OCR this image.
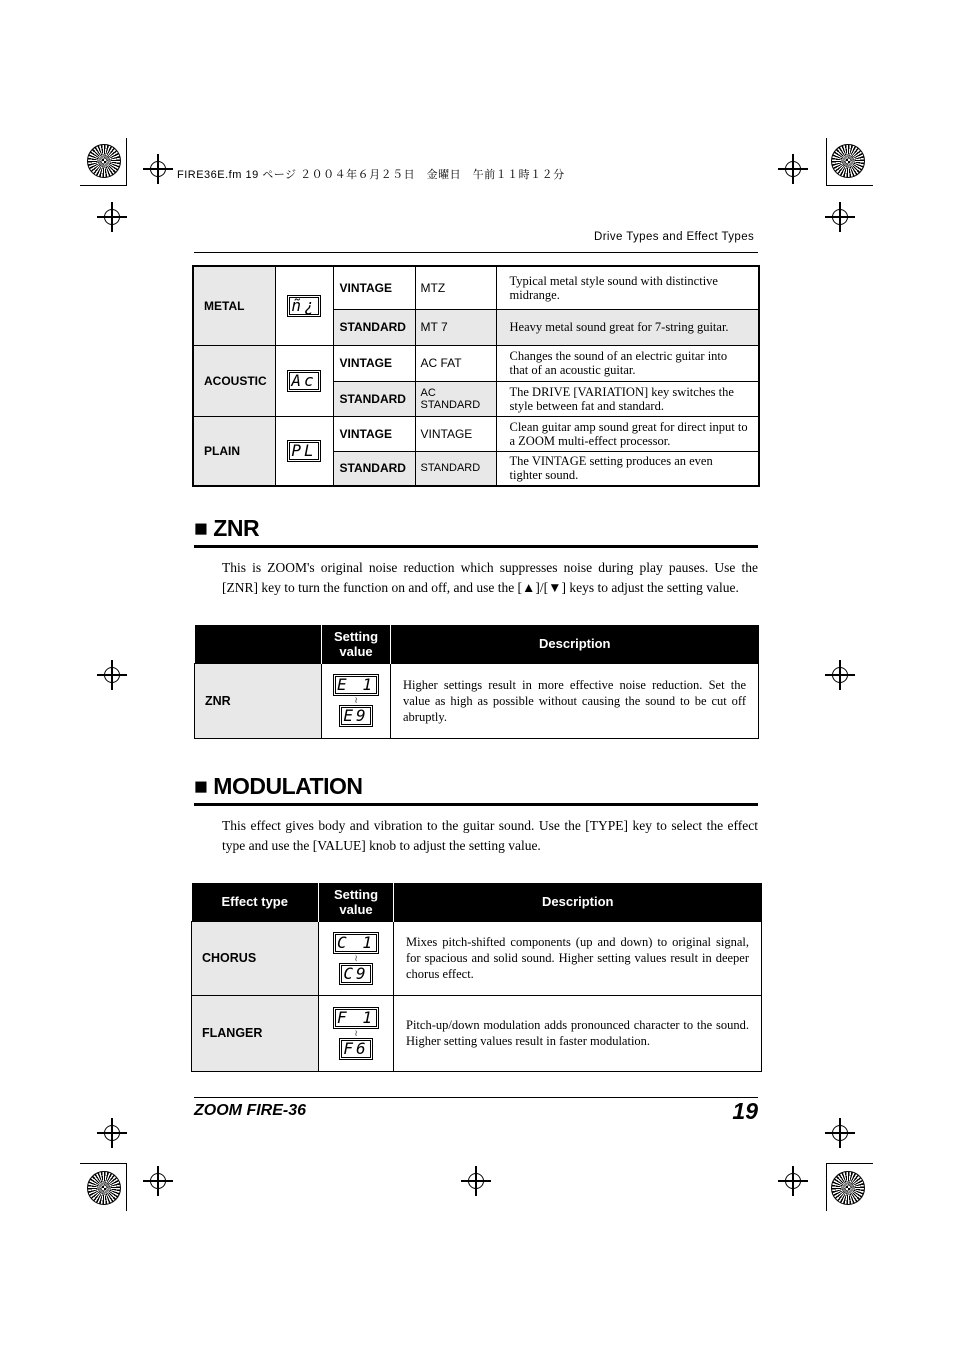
FIRE36E.fm 19 ページ ２００４年６月２５日　金曜日　午前１１時１２分
Drive Types and Effect Types
METAL	ñ¿	VINTAGE	MTZ	Typical metal style sound with distinctive midrange.
		STANDARD	MT 7	Heavy metal sound great for 7-string guitar.
ACOUSTIC	Ac	VINTAGE	AC FAT	Changes the sound of an electric guitar into that of an acoustic guitar.
		STANDARD	AC STANDARD	The DRIVE [VARIATION] key switches the style between fat and standard.
PLAIN	PL	VINTAGE	VINTAGE	Clean guitar amp sound great for direct input to a ZOOM multi-effect processor.
		STANDARD	STANDARD	The VINTAGE setting produces an even tighter sound.
■ ZNR
This is ZOOM's original noise reduction which suppresses noise during play pauses. Use the [ZNR] key to turn the function on and off, and use the [▲]/[▼] keys to adjust the setting value.
	Setting value	Description
ZNR	E 1
≀
E9	Higher settings result in more effective noise reduction. Set the value as high as possible without causing the sound to be cut off abruptly.
■ MODULATION
This effect gives body and vibration to the guitar sound. Use the [TYPE] key to select the effect type and use the [VALUE] knob to adjust the setting value.
Effect type	Setting value	Description
CHORUS	C 1
≀
C9	Mixes pitch-shifted components (up and down) to original signal, for spacious and solid sound. Higher setting values result in deeper chorus effect.
FLANGER	F 1
≀
F6	Pitch-up/down modulation adds pronounced character to the sound. Higher setting values result in faster modulation.
ZOOM FIRE-36	19
